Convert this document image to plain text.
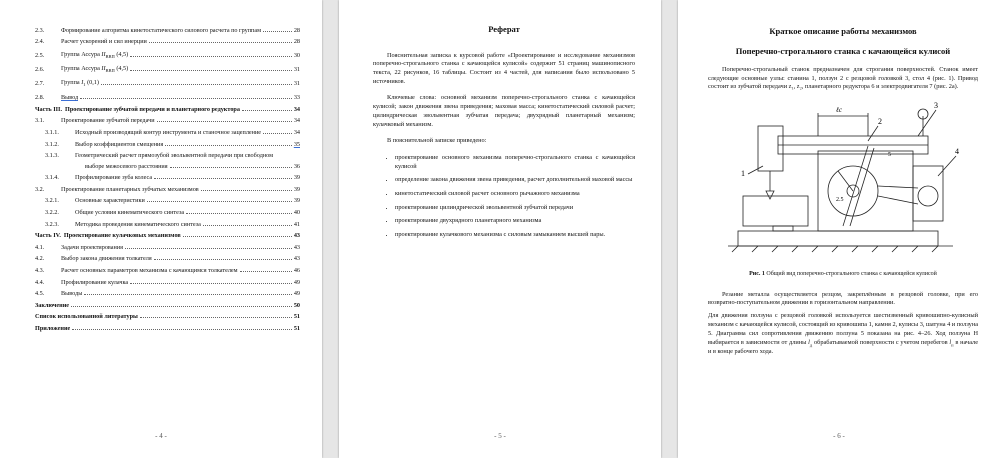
2.3.	Формирование алгоритма кинетостатического силового расчета по группам	28
2.4.	Расчет ускорений и сил инерции	28
2.5.	Группа Ассура $II_{ВВП}$ (4,5)	30
2.6.	Группа Ассура $II_{ВВП}$ (4,5)	31
2.7.	Группа $I_1$ (0,1)	31
2.8.	Вывод	33
Часть III. Проектирование зубчатой передачи и планетарного редуктора	34
3.1.	Проектирование зубчатой передачи	34
3.1.1.	Исходный производящий контур инструмента и станочное зацепление	34
3.1.2.	Выбор коэффициентов смещения	35
3.1.3.	Геометрический расчет прямозубой эвольвентной передачи при свободном
выборе межосевого расстояния	36
3.1.4.	Профилирование зуба колеса	39
3.2.	Проектирование планетарных зубчатых механизмов	39
3.2.1.	Основные характеристики	39
3.2.2.	Общие условия кинематического синтеза	40
3.2.3.	Методика проведения кинематического синтеза	41
Часть IV. Проектирование кулачковых механизмов	43
4.1.	Задачи проектирования	43
4.2.	Выбор закона движения толкателя	43
4.3.	Расчет основных параметров механизма с качающимся толкателем	46
4.4.	Профилирование кулачка	49
4.5.	Выводы	49
Заключение	50
Список использованной литературы	51
Приложение	51
- 4 -
Реферат

Пояснительная записка к курсовой работе «Проектирование и исследование механизмов поперечно-строгального станка с качающейся кулисой» содержит 51 страниц машинописного текста, 22 рисунков, 16 таблицы. Состоит из 4 частей, для написания было использовано 5 источников.

Ключевые слова: основной механизм поперечно-строгального станка с качающейся кулисой; закон движения звена приведения; маховая масса; кинетостатический силовой расчет; цилиндрическая эвольвентная зубчатая передача; двухрядный планетарный механизм; кулачковый механизм.

В пояснительной записке приведено:

• проектирование основного механизма поперечно-строгального станка с качающейся кулисой
• определение закона движения звена приведения, расчет дополнительной маховой массы
• кинетостатический силовой расчет основного рычажного механизма
• проектирование цилиндрической эвольвентной зубчатой передачи
• проектирование двухрядного планетарного механизма
• проектирование кулачкового механизма с силовым замыканием высшей пары.
- 5 -
Краткое описание работы механизмов
Поперечно-строгального станка с качающейся кулисой

Поперечно-строгальный станок предназначен для строгания поверхностей. Станок имеет следующие основные узлы: станина 1, ползун 2 с резцовой головкой 3, стол 4 (рис. 1). Привод состоит из зубчатой передачи z₁, z₂, планетарного редуктора 6 и электродвигателя 7 (рис. 2а).

3
4
1
2
2.5
5
ℓc
Рис. 1 Общий вид поперечно-строгального станка с качающейся кулисой

Резание металла осуществляется резцом, закреплённым в резцовой головке, при его возвратно-поступательном движении в горизонтальном направлении.

Для движения ползуна с резцовой головкой используется шестизвенный кривошипно-кулисный механизм с качающейся кулисой, состоящий из кривошипа 1, камня 2, кулисы 3, шатуна 4 и ползуна 5. Диаграмма сил сопротивления движению ползуна 5 показана на рис. 4–26. Ход ползуна Н выбирается в зависимости от длины $l_д$ обрабатываемой поверхности с учетом перебегов $l_п$ в начале и в конце рабочего хода.

- 6 -
